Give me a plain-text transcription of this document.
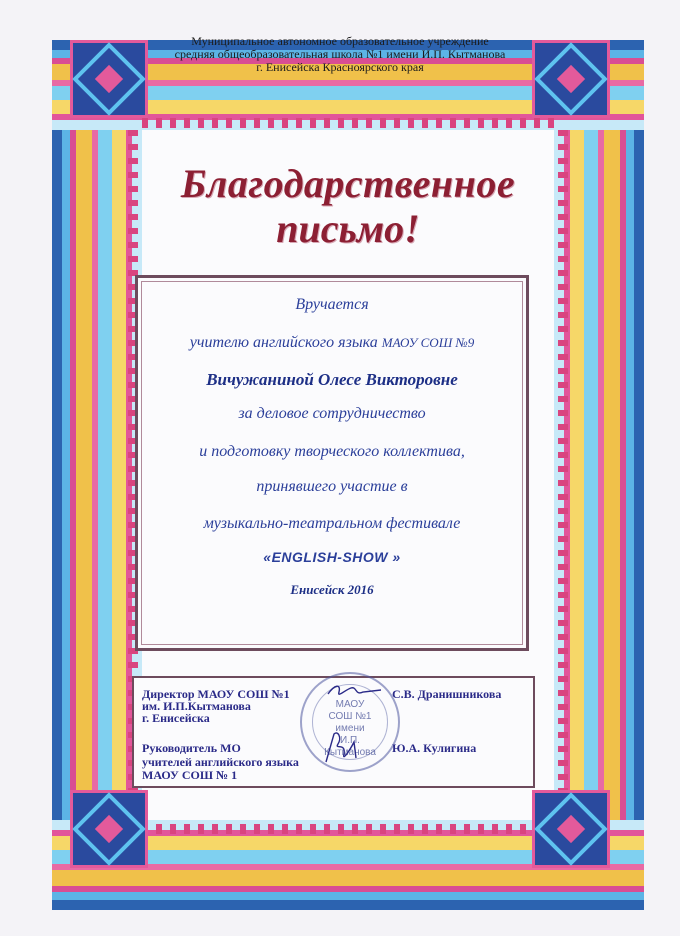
Муниципальное автономное образовательное учреждение
средняя общеобразовательная школа №1 имени И.П. Кытманова
г. Енисейска Красноярского края
Благодарственное
письмо!
Вручается
учителю английского языка МАОУ СОШ №9
Вичужаниной Олесе Викторовне
за деловое сотрудничество
и подготовку творческого коллектива,
принявшего участие в
музыкально-театральном фестивале
«ENGLISH-SHOW »
Енисейск 2016
МАОУ
СОШ №1
имени
И.П.
Кытманова
Директор МАОУ СОШ №1
им. И.П.Кытманова
г. Енисейска
С.В. Дранишникова
Руководитель МО
учителей английского языка
МАОУ СОШ № 1
Ю.А. Кулигина
